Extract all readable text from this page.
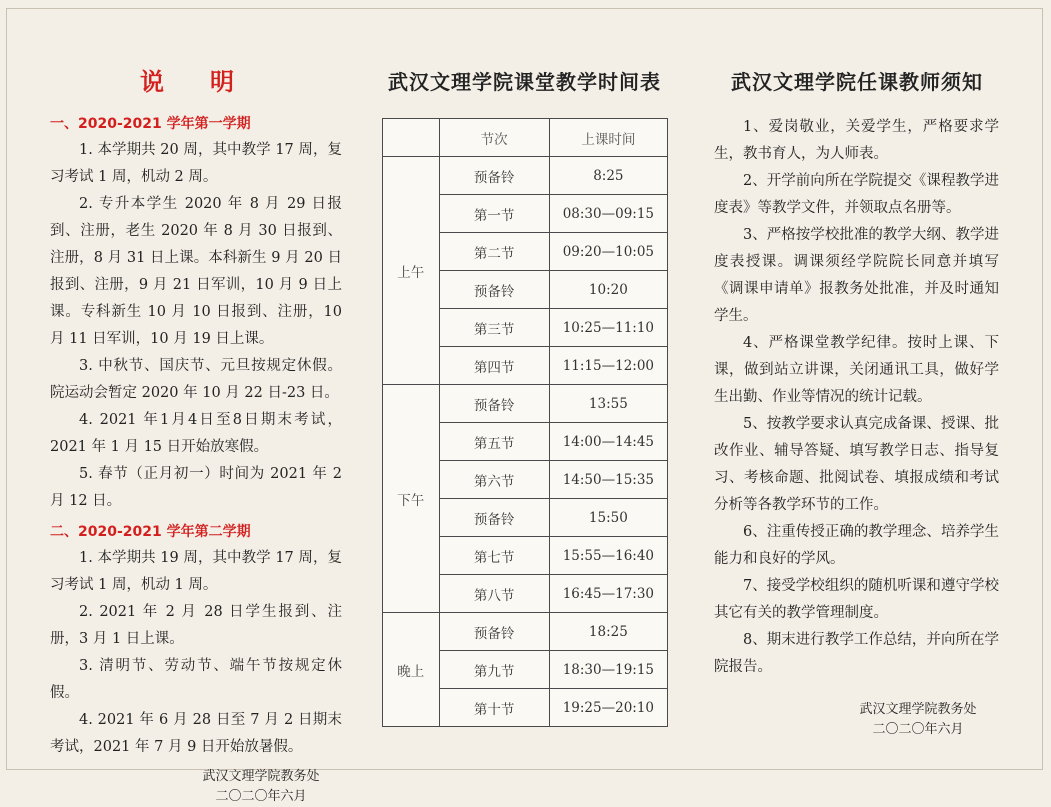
说明
一、2020-2021 学年第一学期

1. 本学期共 20 周，其中教学 17 周，复习考试 1 周，机动 2 周。

2. 专升本学生 2020 年 8 月 29 日报到、注册，老生 2020 年 8 月 30 日报到、注册，8 月 31 日上课。本科新生 9 月 20 日报到、注册，9 月 21 日军训，10 月 9 日上课。专科新生 10 月 10 日报到、注册，10 月 11 日军训，10 月 19 日上课。

3. 中秋节、国庆节、元旦按规定休假。院运动会暂定 2020 年 10 月 22 日-23 日。

4. 2021 年1月4日至8日期末考试，2021 年 1 月 15 日开始放寒假。

5. 春节（正月初一）时间为 2021 年 2 月 12 日。

二、2020-2021 学年第二学期

1. 本学期共 19 周，其中教学 17 周，复习考试 1 周，机动 1 周。

2. 2021 年 2 月 28 日学生报到、注册，3 月 1 日上课。

3. 清明节、劳动节、端午节按规定休假。

4. 2021 年 6 月 28 日至 7 月 2 日期末考试，2021 年 7 月 9 日开始放暑假。

武汉文理学院教务处
二〇二〇年六月
武汉文理学院课堂教学时间表
	节次	上课时间
上午	预备铃	8:25
	第一节	08:30—09:15
	第二节	09:20—10:05
	预备铃	10:20
	第三节	10:25—11:10
	第四节	11:15—12:00
下午	预备铃	13:55
	第五节	14:00—14:45
	第六节	14:50—15:35
	预备铃	15:50
	第七节	15:55—16:40
	第八节	16:45—17:30
晚上	预备铃	18:25
	第九节	18:30—19:15
	第十节	19:25—20:10
武汉文理学院任课教师须知

1、爱岗敬业，关爱学生，严格要求学生，教书育人，为人师表。

2、开学前向所在学院提交《课程教学进度表》等教学文件，并领取点名册等。

3、严格按学校批准的教学大纲、教学进度表授课。调课须经学院院长同意并填写《调课申请单》报教务处批准，并及时通知学生。

4、严格课堂教学纪律。按时上课、下课，做到站立讲课，关闭通讯工具，做好学生出勤、作业等情况的统计记载。

5、按教学要求认真完成备课、授课、批改作业、辅导答疑、填写教学日志、指导复习、考核命题、批阅试卷、填报成绩和考试分析等各教学环节的工作。

6、注重传授正确的教学理念、培养学生能力和良好的学风。

7、接受学校组织的随机听课和遵守学校其它有关的教学管理制度。

8、期末进行教学工作总结，并向所在学院报告。

武汉文理学院教务处
二〇二〇年六月
